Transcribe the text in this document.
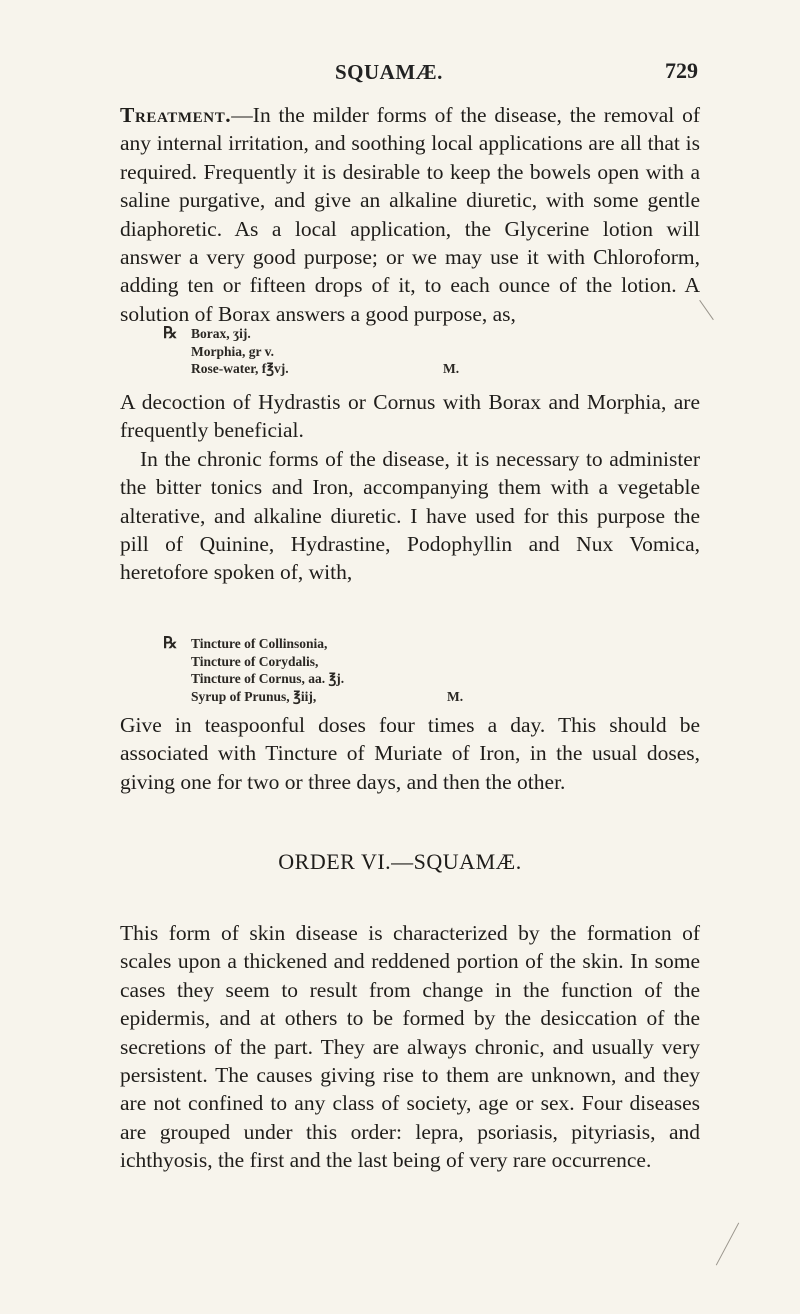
SQUAMÆ.	729
Treatment.—In the milder forms of the disease, the removal of any internal irritation, and soothing local applications are all that is required. Frequently it is desirable to keep the bowels open with a saline purgative, and give an alkaline diuretic, with some gentle diaphoretic. As a local application, the Glycerine lotion will answer a very good purpose; or we may use it with Chloroform, adding ten or fifteen drops of it, to each ounce of the lotion. A solution of Borax answers a good purpose, as,
℞ Borax, ʒij.
Morphia, gr v.
Rose-water, f℥vj.	M.
A decoction of Hydrastis or Cornus with Borax and Morphia, are frequently beneficial.
In the chronic forms of the disease, it is necessary to administer the bitter tonics and Iron, accompanying them with a vegetable alterative, and alkaline diuretic. I have used for this purpose the pill of Quinine, Hydrastine, Podophyllin and Nux Vomica, heretofore spoken of, with,
℞ Tincture of Collinsonia,
Tincture of Corydalis,
Tincture of Cornus, aa. ℥j.
Syrup of Prunus, ℥iij,	M.
Give in teaspoonful doses four times a day. This should be associated with Tincture of Muriate of Iron, in the usual doses, giving one for two or three days, and then the other.
ORDER VI.—SQUAMÆ.
This form of skin disease is characterized by the formation of scales upon a thickened and reddened portion of the skin. In some cases they seem to result from change in the function of the epidermis, and at others to be formed by the desiccation of the secretions of the part. They are always chronic, and usually very persistent. The causes giving rise to them are unknown, and they are not confined to any class of society, age or sex. Four diseases are grouped under this order: lepra, psoriasis, pityriasis, and ichthyosis, the first and the last being of very rare occurrence.
